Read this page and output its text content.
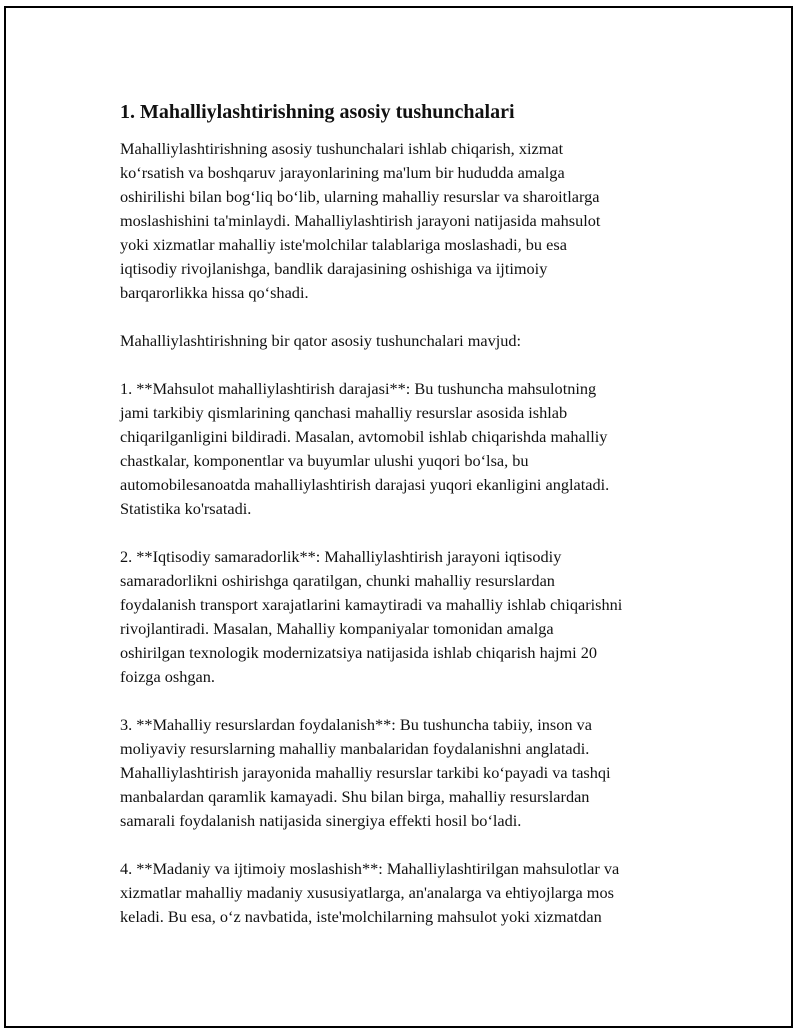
1. Mahalliylashtirishning asosiy tushunchalari
Mahalliylashtirishning asosiy tushunchalari ishlab chiqarish, xizmat
ko‘rsatish va boshqaruv jarayonlarining ma'lum bir hududda amalga
oshirilishi bilan bog‘liq bo‘lib, ularning mahalliy resurslar va sharoitlarga
moslashishini ta'minlaydi. Mahalliylashtirish jarayoni natijasida mahsulot
yoki xizmatlar mahalliy iste'molchilar talablariga moslashadi, bu esa
iqtisodiy rivojlanishga, bandlik darajasining oshishiga va ijtimoiy
barqarorlikka hissa qo‘shadi.
Mahalliylashtirishning bir qator asosiy tushunchalari mavjud:
1. **Mahsulot mahalliylashtirish darajasi**: Bu tushuncha mahsulotning
jami tarkibiy qismlarining qanchasi mahalliy resurslar asosida ishlab
chiqarilganligini bildiradi. Masalan, avtomobil ishlab chiqarishda mahalliy
chastkalar, komponentlar va buyumlar ulushi yuqori bo‘lsa, bu
automobilesanoatda mahalliylashtirish darajasi yuqori ekanligini anglatadi.
Statistika ko'rsatadi.
2. **Iqtisodiy samaradorlik**: Mahalliylashtirish jarayoni iqtisodiy
samaradorlikni oshirishga qaratilgan, chunki mahalliy resurslardan
foydalanish transport xarajatlarini kamaytiradi va mahalliy ishlab chiqarishni
rivojlantiradi. Masalan, Mahalliy kompaniyalar tomonidan amalga
oshirilgan texnologik modernizatsiya natijasida ishlab chiqarish hajmi 20
foizga oshgan.
3. **Mahalliy resurslardan foydalanish**: Bu tushuncha tabiiy, inson va
moliyaviy resurslarning mahalliy manbalaridan foydalanishni anglatadi.
Mahalliylashtirish jarayonida mahalliy resurslar tarkibi ko‘payadi va tashqi
manbalardan qaramlik kamayadi. Shu bilan birga, mahalliy resurslardan
samarali foydalanish natijasida sinergiya effekti hosil bo‘ladi.
4. **Madaniy va ijtimoiy moslashish**: Mahalliylashtirilgan mahsulotlar va
xizmatlar mahalliy madaniy xususiyatlarga, an'analarga va ehtiyojlarga mos
keladi. Bu esa, o‘z navbatida, iste'molchilarning mahsulot yoki xizmatdan
